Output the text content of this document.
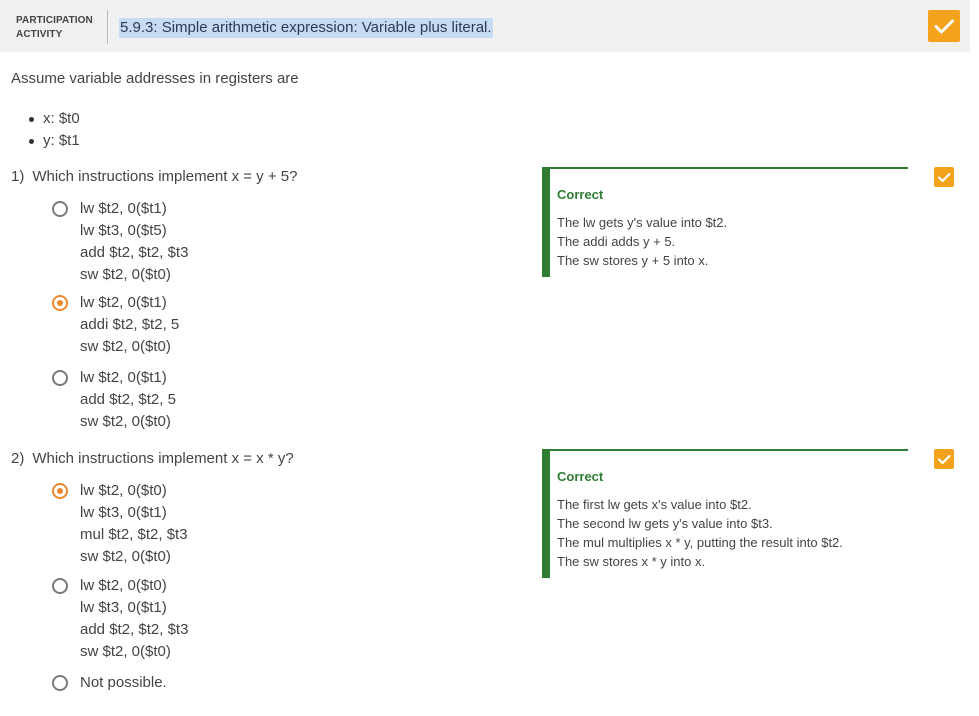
PARTICIPATION
ACTIVITY	5.9.3: Simple arithmetic expression: Variable plus literal.
Assume variable addresses in registers are
x: $t0
y: $t1
1) Which instructions implement x = y + 5?
lw $t2, 0($t1)
lw $t3, 0($t5)
add $t2, $t2, $t3
sw $t2, 0($t0)
lw $t2, 0($t1)
addi $t2, $t2, 5
sw $t2, 0($t0)
lw $t2, 0($t1)
add $t2, $t2, 5
sw $t2, 0($t0)
Correct
The lw gets y's value into $t2.
The addi adds y + 5.
The sw stores y + 5 into x.
2) Which instructions implement x = x * y?
lw $t2, 0($t0)
lw $t3, 0($t1)
mul $t2, $t2, $t3
sw $t2, 0($t0)
lw $t2, 0($t0)
lw $t3, 0($t1)
add $t2, $t2, $t3
sw $t2, 0($t0)
Not possible.
Correct
The first lw gets x's value into $t2.
The second lw gets y's value into $t3.
The mul multiplies x * y, putting the result into $t2.
The sw stores x * y into x.
